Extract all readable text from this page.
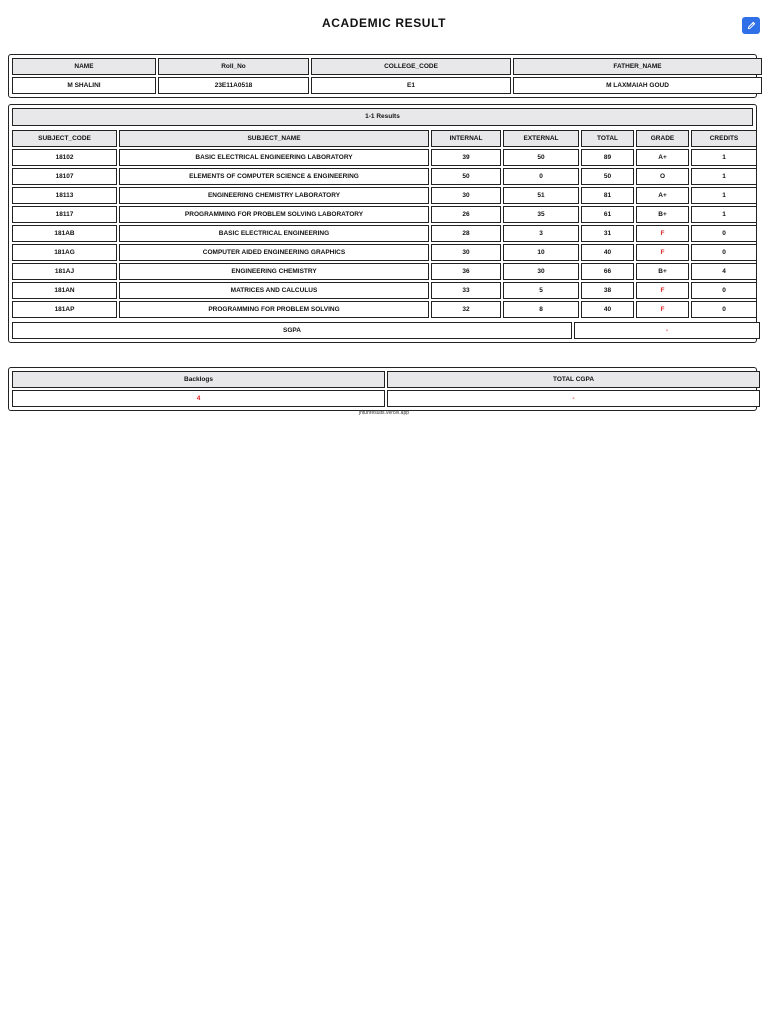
ACADEMIC RESULT
NAME	Roll_No	COLLEGE_CODE	FATHER_NAME
M SHALINI	23E11A0518	E1	M LAXMAIAH GOUD
1-1 Results
SUBJECT_CODE	SUBJECT_NAME	INTERNAL	EXTERNAL	TOTAL	GRADE	CREDITS
18102	BASIC ELECTRICAL ENGINEERING LABORATORY	39	50	89	A+	1
18107	ELEMENTS OF COMPUTER SCIENCE & ENGINEERING	50	0	50	O	1
18113	ENGINEERING CHEMISTRY LABORATORY	30	51	81	A+	1
18117	PROGRAMMING FOR PROBLEM SOLVING LABORATORY	26	35	61	B+	1
181AB	BASIC ELECTRICAL ENGINEERING	28	3	31	F	0
181AG	COMPUTER AIDED ENGINEERING GRAPHICS	30	10	40	F	0
181AJ	ENGINEERING CHEMISTRY	36	30	66	B+	4
181AN	MATRICES AND CALCULUS	33	5	38	F	0
181AP	PROGRAMMING FOR PROBLEM SOLVING	32	8	40	F	0
SGPA	-
Backlogs	TOTAL CGPA
4	-
jntuhresults.vercel.app
